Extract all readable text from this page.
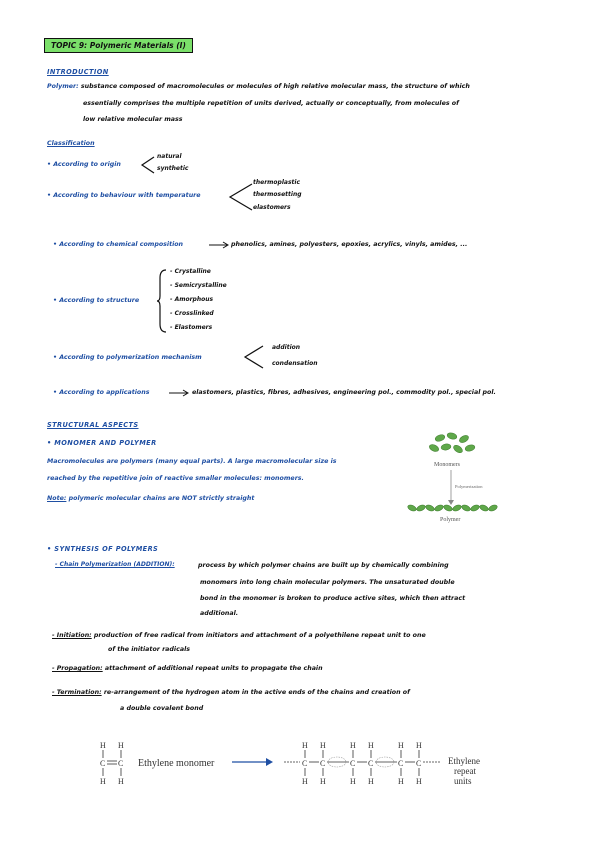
TOPIC 9: Polymeric Materials (I)
INTRODUCTION
Polymer: substance composed of macromolecules or molecules of high relative molecular mass, the structure of which
essentially comprises the multiple repetition of units derived, actually or conceptually, from molecules of
low relative molecular mass
Classification
• According to origin
natural
synthetic
• According to behaviour with temperature
thermoplastic
thermosetting
elastomers
• According to chemical composition	phenolics, amines, polyesters, epoxies, acrylics, vinyls, amides, ...
• According to structure
- Crystalline
- Semicrystalline
- Amorphous
- Crosslinked
- Elastomers
• According to polymerization mechanism
addition
condensation
• According to applications	elastomers, plastics, fibres, adhesives, engineering pol., commodity pol., special pol.
STRUCTURAL ASPECTS
• MONOMER AND POLYMER
Macromolecules are polymers (many equal parts). A large macromolecular size is
reached by the repetitive join of reactive smaller molecules: monomers.
Note: polymeric molecular chains are NOT strictly straight
Monomers
Polymerization
Polymer
• SYNTHESIS OF POLYMERS
- Chain Polymerization (ADDITION):	process by which polymer chains are built up by chemically combining
monomers into long chain molecular polymers. The unsaturated double
bond in the monomer is broken to produce active sites, which then attract
additional.
- Initiation: production of free radical from initiators and attachment of a polyethilene repeat unit to one
of the initiator radicals
- Propagation: attachment of additional repeat units to propagate the chain
- Termination: re-arrangement of the hydrogen atom in the active ends of the chains and creation of
a double covalent bond
H H
C C
H H
Ethylene monomer
H H	H H	H H
C C	C C	C C
H H	H H	H H
Ethylene
repeat
units
